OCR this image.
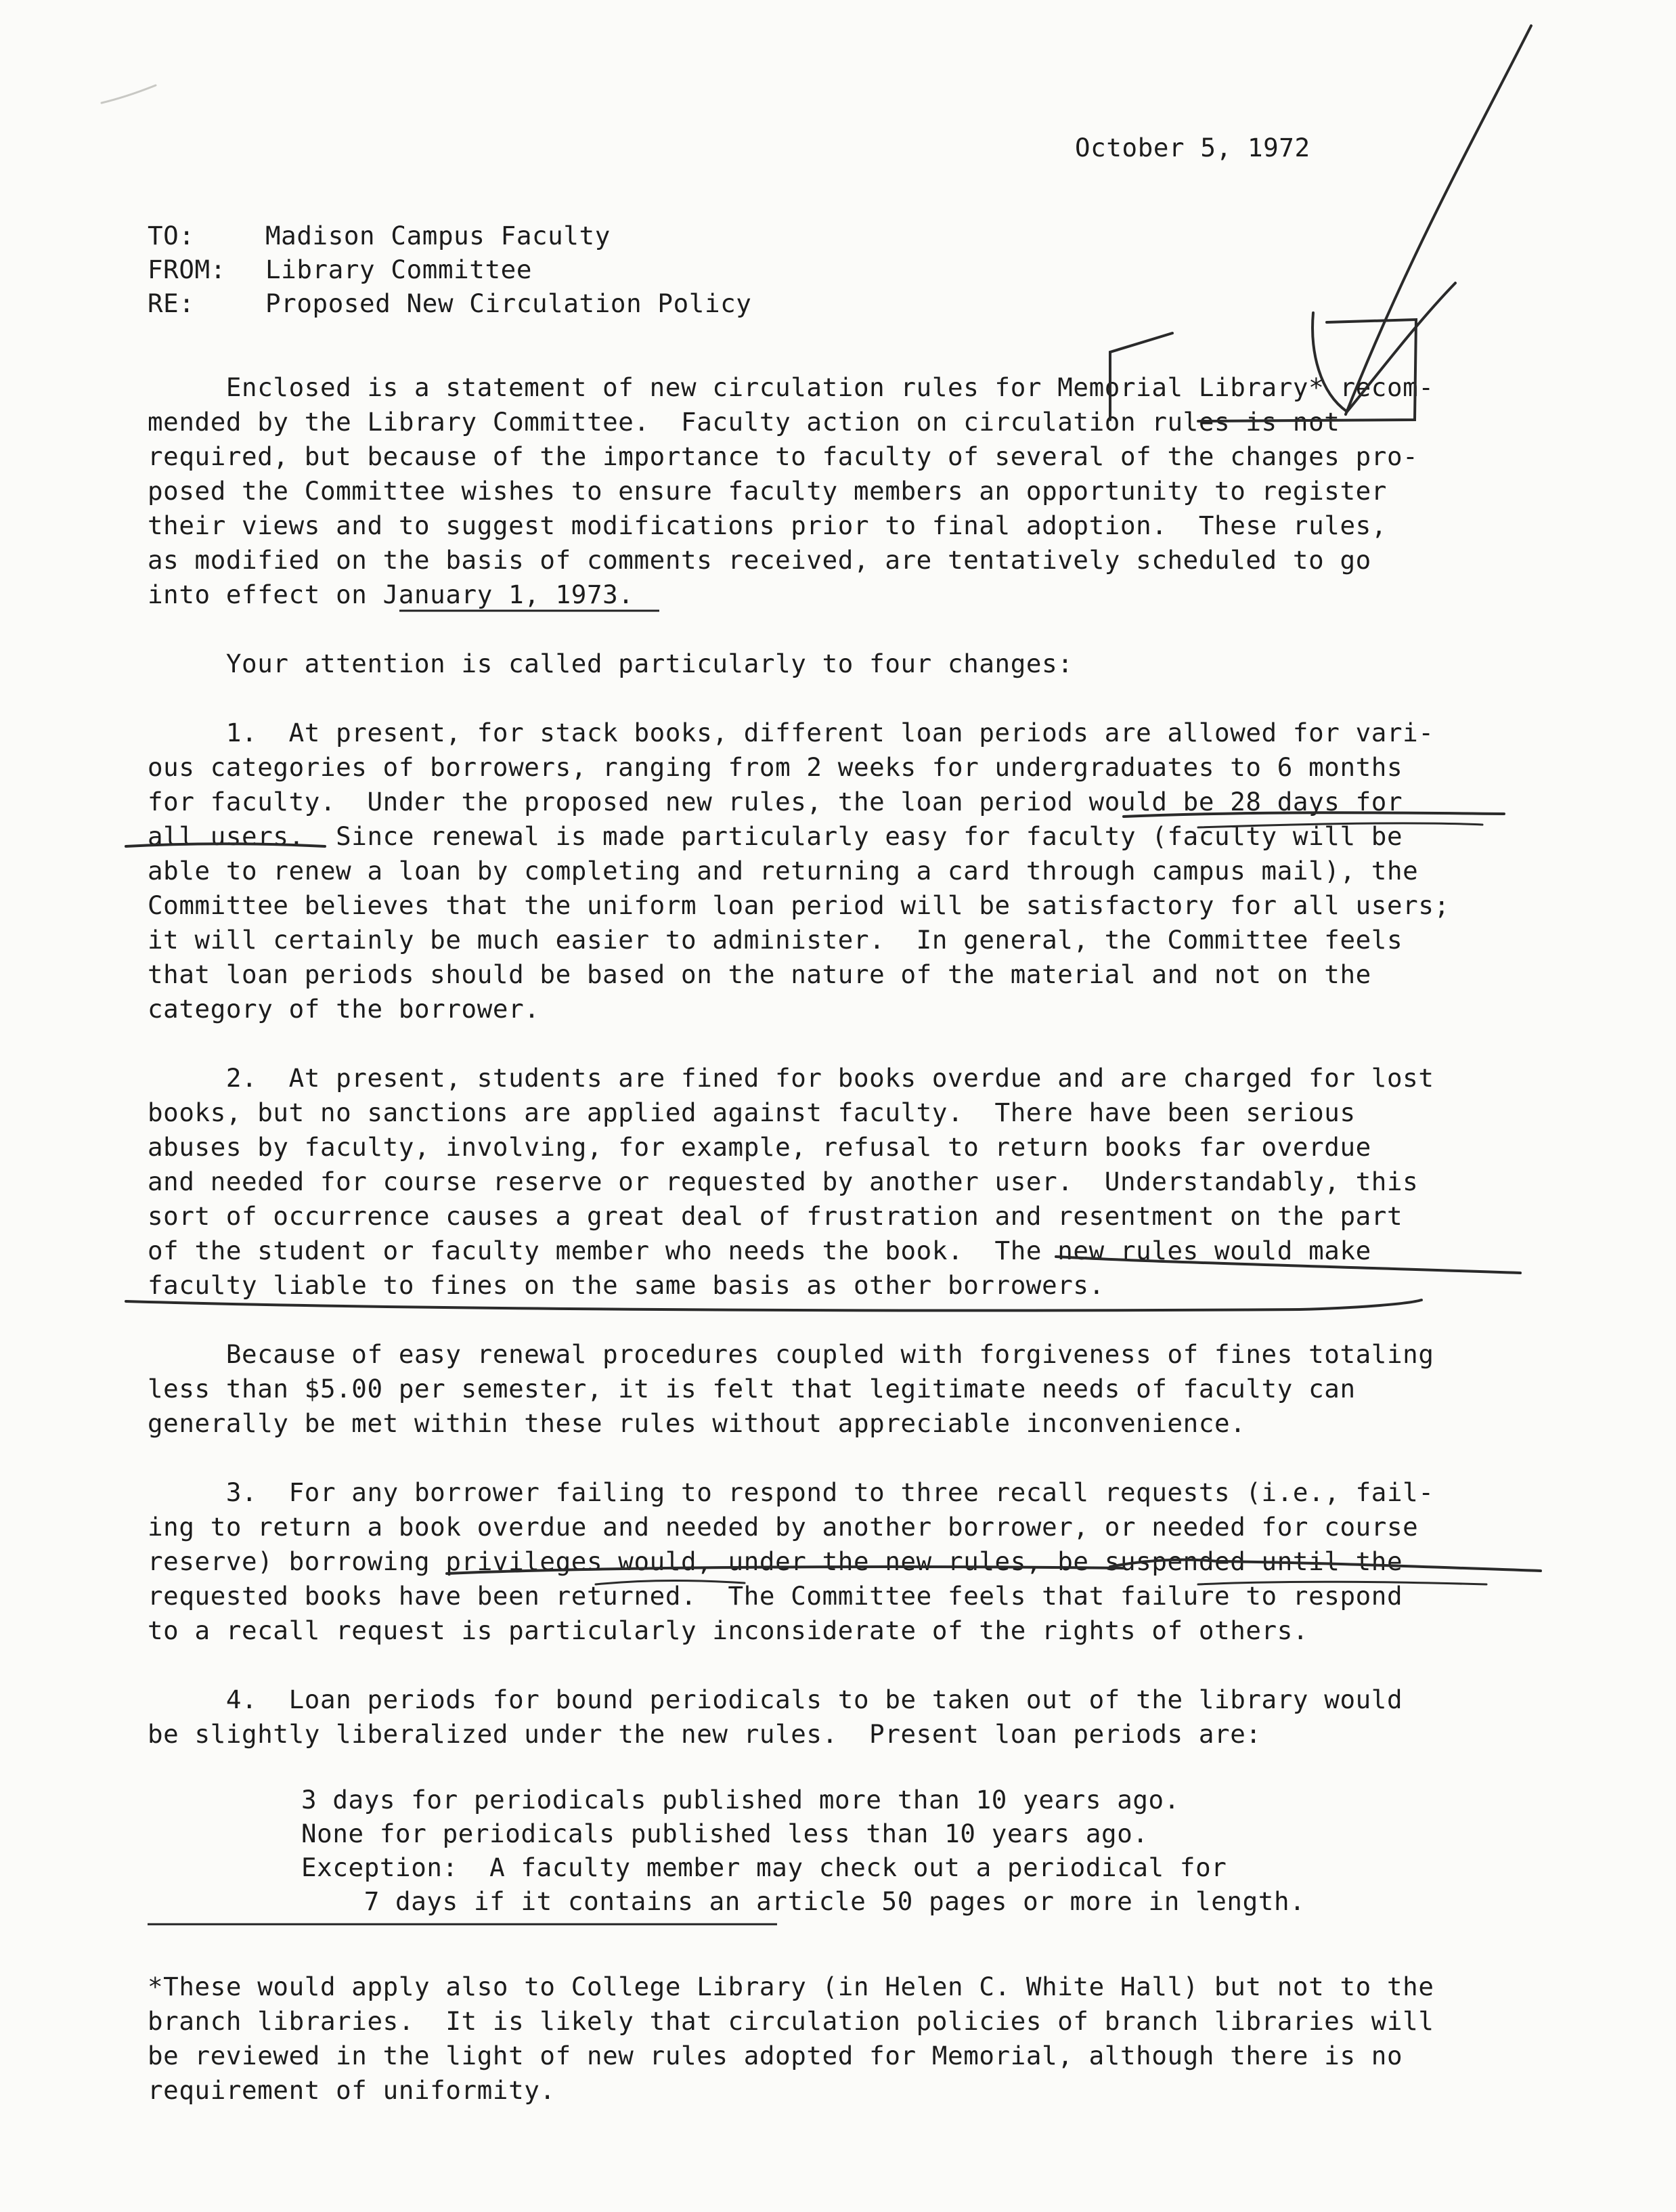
October 5, 1972
TO:	Madison Campus Faculty
FROM: Library Committee
RE:	Proposed New Circulation Policy
Enclosed is a statement of new circulation rules for Memorial Library* recom-
mended by the Library Committee.  Faculty action on circulation rules is not
required, but because of the importance to faculty of several of the changes pro-
posed the Committee wishes to ensure faculty members an opportunity to register
their views and to suggest modifications prior to final adoption.  These rules,
as modified on the basis of comments received, are tentatively scheduled to go
into effect on January 1, 1973.
Your attention is called particularly to four changes:
1.  At present, for stack books, different loan periods are allowed for vari-
ous categories of borrowers, ranging from 2 weeks for undergraduates to 6 months
for faculty.  Under the proposed new rules, the loan period would be 28 days for
all users.  Since renewal is made particularly easy for faculty (faculty will be
able to renew a loan by completing and returning a card through campus mail), the
Committee believes that the uniform loan period will be satisfactory for all users;
it will certainly be much easier to administer.  In general, the Committee feels
that loan periods should be based on the nature of the material and not on the
category of the borrower.
2.  At present, students are fined for books overdue and are charged for lost
books, but no sanctions are applied against faculty.  There have been serious
abuses by faculty, involving, for example, refusal to return books far overdue
and needed for course reserve or requested by another user.  Understandably, this
sort of occurrence causes a great deal of frustration and resentment on the part
of the student or faculty member who needs the book.  The new rules would make
faculty liable to fines on the same basis as other borrowers.
Because of easy renewal procedures coupled with forgiveness of fines totaling
less than $5.00 per semester, it is felt that legitimate needs of faculty can
generally be met within these rules without appreciable inconvenience.
3.  For any borrower failing to respond to three recall requests (i.e., fail-
ing to return a book overdue and needed by another borrower, or needed for course
reserve) borrowing privileges would, under the new rules, be suspended until the
requested books have been returned.  The Committee feels that failure to respond
to a recall request is particularly inconsiderate of the rights of others.
4.  Loan periods for bound periodicals to be taken out of the library would
be slightly liberalized under the new rules.  Present loan periods are:
3 days for periodicals published more than 10 years ago.
None for periodicals published less than 10 years ago.
Exception:  A faculty member may check out a periodical for
7 days if it contains an article 50 pages or more in length.
*These would apply also to College Library (in Helen C. White Hall) but not to the
branch libraries.  It is likely that circulation policies of branch libraries will
be reviewed in the light of new rules adopted for Memorial, although there is no
requirement of uniformity.
